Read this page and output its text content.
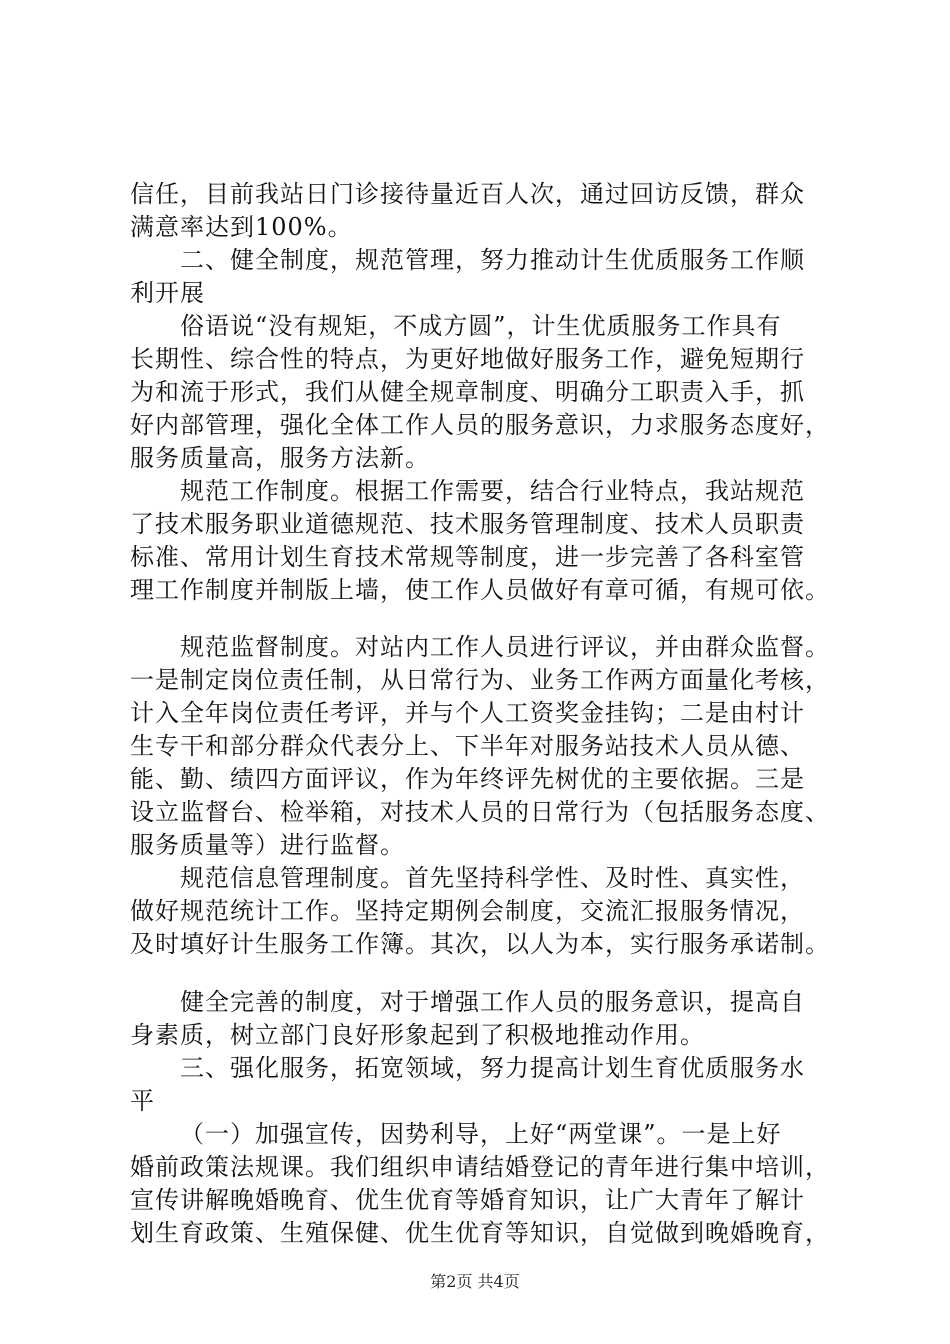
信任，目前我站日门诊接待量近百人次，通过回访反馈，群众
满意率达到100%。
二、健全制度，规范管理，努力推动计生优质服务工作顺
利开展
俗语说“没有规矩，不成方圆”，计生优质服务工作具有
长期性、综合性的特点，为更好地做好服务工作，避免短期行
为和流于形式，我们从健全规章制度、明确分工职责入手，抓
好内部管理，强化全体工作人员的服务意识，力求服务态度好，
服务质量高，服务方法新。
规范工作制度。根据工作需要，结合行业特点，我站规范
了技术服务职业道德规范、技术服务管理制度、技术人员职责
标准、常用计划生育技术常规等制度，进一步完善了各科室管
理工作制度并制版上墙，使工作人员做好有章可循，有规可依。
规范监督制度。对站内工作人员进行评议，并由群众监督。
一是制定岗位责任制，从日常行为、业务工作两方面量化考核，
计入全年岗位责任考评，并与个人工资奖金挂钩；二是由村计
生专干和部分群众代表分上、下半年对服务站技术人员从德、
能、勤、绩四方面评议，作为年终评先树优的主要依据。三是
设立监督台、检举箱，对技术人员的日常行为（包括服务态度、
服务质量等）进行监督。
规范信息管理制度。首先坚持科学性、及时性、真实性，
做好规范统计工作。坚持定期例会制度，交流汇报服务情况，
及时填好计生服务工作簿。其次，以人为本，实行服务承诺制。
健全完善的制度，对于增强工作人员的服务意识，提高自
身素质，树立部门良好形象起到了积极地推动作用。
三、强化服务，拓宽领域，努力提高计划生育优质服务水
平
（一）加强宣传，因势利导，上好“两堂课”。一是上好
婚前政策法规课。我们组织申请结婚登记的青年进行集中培训，
宣传讲解晚婚晚育、优生优育等婚育知识，让广大青年了解计
划生育政策、生殖保健、优生优育等知识，自觉做到晚婚晚育，
第2页 共4页
